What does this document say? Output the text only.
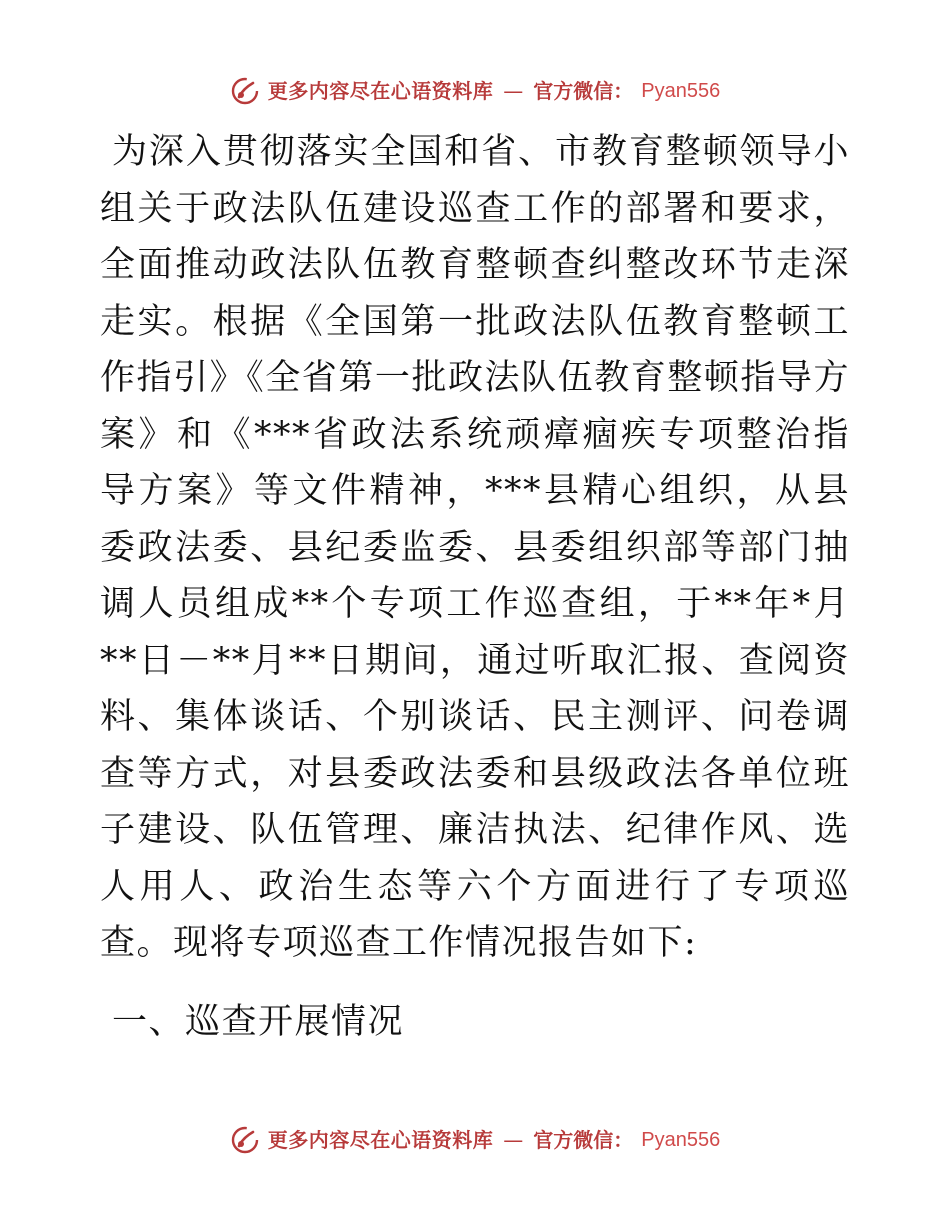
更多内容尽在心语资料库 — 官方微信： Pyan556

为深入贯彻落实全国和省、市教育整顿领导小组关于政法队伍建设巡查工作的部署和要求，全面推动政法队伍教育整顿查纠整改环节走深走实。根据《全国第一批政法队伍教育整顿工作指引》《全省第一批政法队伍教育整顿指导方案》和《***省政法系统顽瘴痼疾专项整治指导方案》等文件精神，***县精心组织，从县委政法委、县纪委监委、县委组织部等部门抽调人员组成**个专项工作巡查组，于**年*月**日－**月**日期间，通过听取汇报、查阅资料、集体谈话、个别谈话、民主测评、问卷调查等方式，对县委政法委和县级政法各单位班子建设、队伍管理、廉洁执法、纪律作风、选人用人、政治生态等六个方面进行了专项巡查。现将专项巡查工作情况报告如下:

一、巡查开展情况
更多内容尽在心语资料库 — 官方微信： Pyan556
